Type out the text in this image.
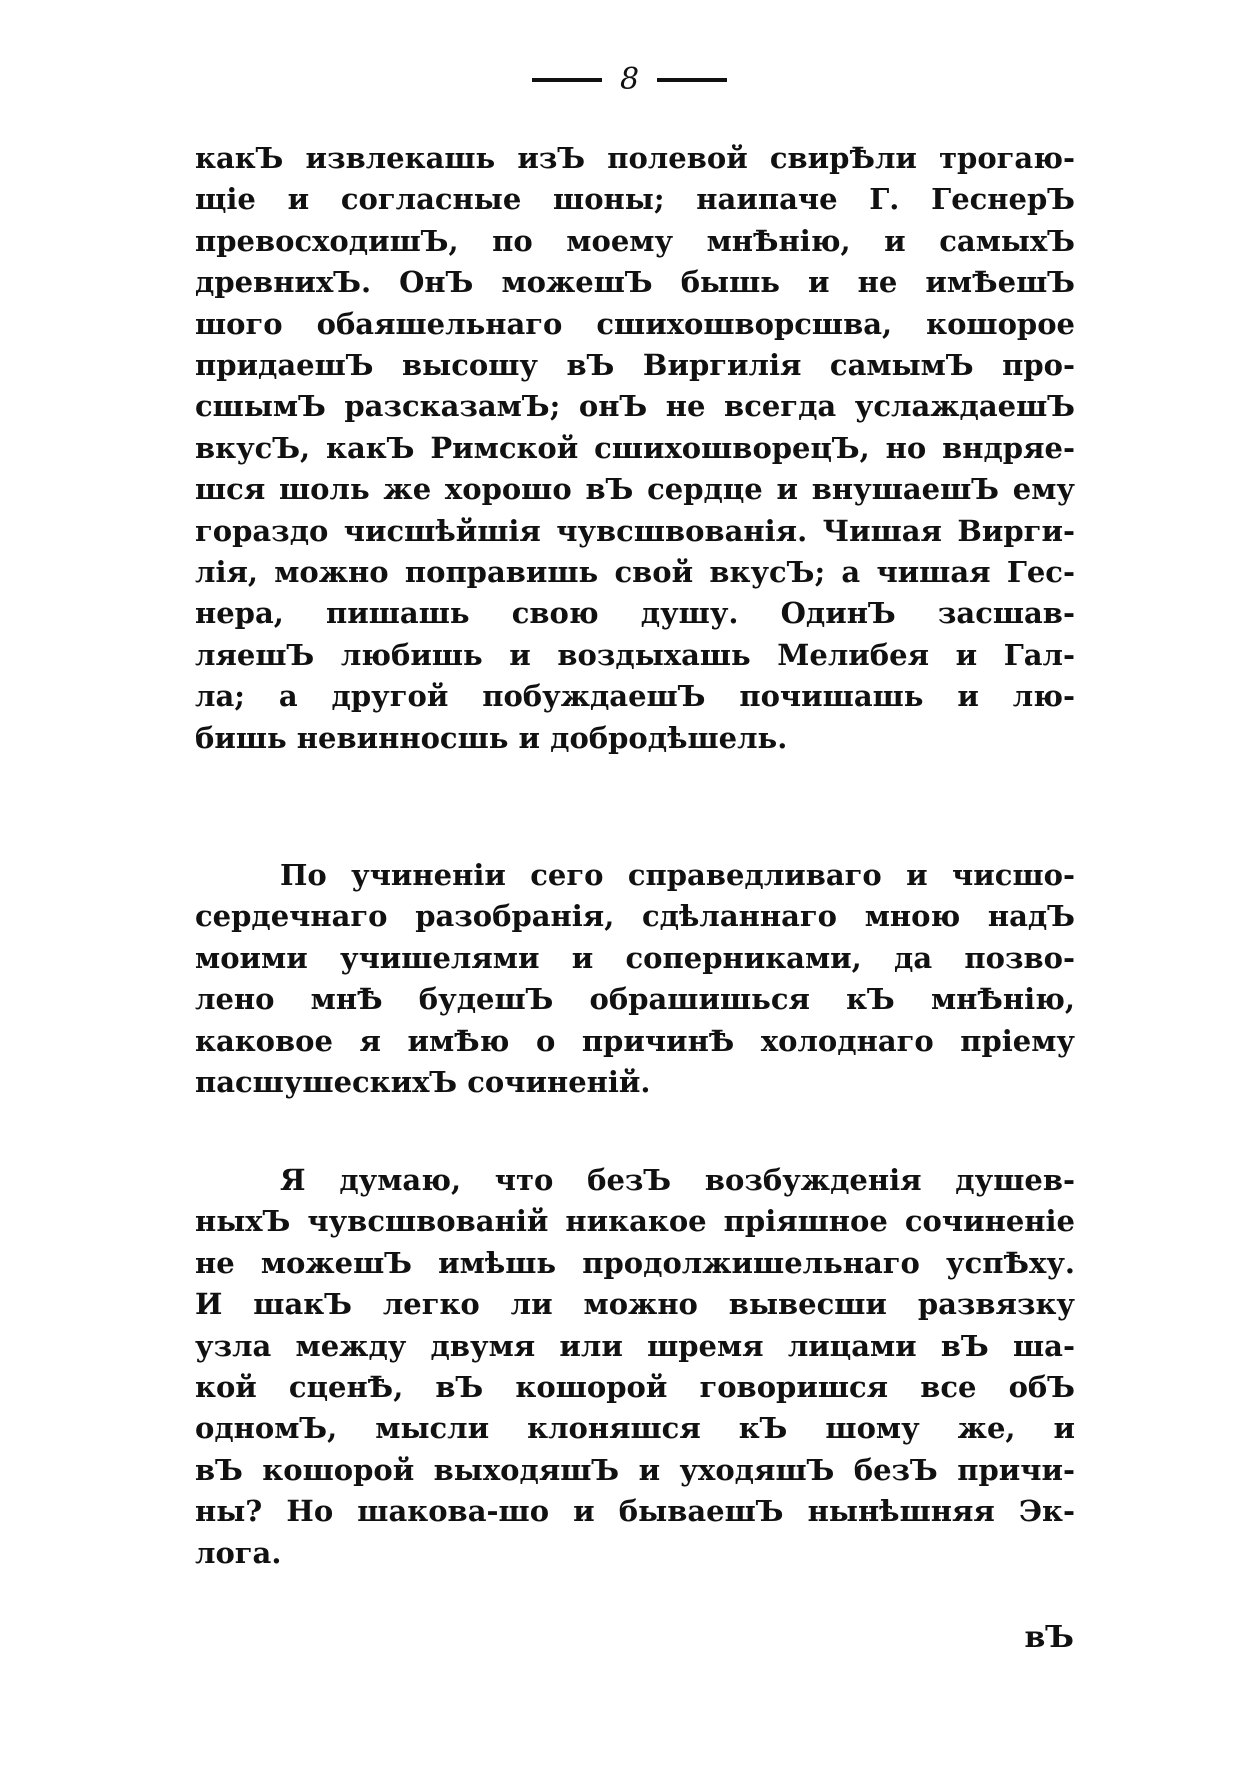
8
какЪ извлекашь изЪ полевой свирѢли трогаю-
щіе и согласные шоны; наипаче Г. ГеснерЪ
превосходишЪ, по моему мнѢнію, и самыхЪ
древнихЪ. ОнЪ можешЪ бышь и не имѢешЪ
шого обаяшельнаго сшихошворсшва, кошорое
придаешЪ высошу вЪ Виргилія самымЪ про-
сшымЪ разсказамЪ; онЪ не всегда услаждаешЪ
вкусЪ, какЪ Римской сшихошворецЪ, но вндряе-
шся шоль же хорошо вЪ сердце и внушаешЪ ему
гораздо чисшѣйшія чувсшвованія. Чишая Вирги-
лія, можно поправишь свой вкусЪ; а чишая Гес-
нера, пишашь свою душу. ОдинЪ засшав-
ляешЪ любишь и воздыхашь Мелибея и Гал-
ла; а другой побуждаешЪ почишашь и лю-
бишь невинносшь и добродѣшель.
По учиненіи сего справедливаго и чисшо-
сердечнаго разобранія, сдѣланнаго мною надЪ
моими учишелями и соперниками, да позво-
лено мнѢ будешЪ обрашишься кЪ мнѢнію,
каковое я имѢю о причинѢ холоднаго пріему
пасшушескихЪ сочиненій.
Я думаю, что безЪ возбужденія душев-
ныхЪ чувсшвованій никакое пріяшное сочиненіе
не можешЪ имѣшь продолжишельнаго успѢху.
И шакЪ легко ли можно вывесши развязку
узла между двумя или шремя лицами вЪ ша-
кой сценѢ, вЪ кошорой говоришся все обЪ
одномЪ, мысли клоняшся кЪ шому же, и
вЪ кошорой выходяшЪ и уходяшЪ безЪ причи-
ны? Но шакова-шо и бываешЪ нынѣшняя Эк-
лога.
вЪ
